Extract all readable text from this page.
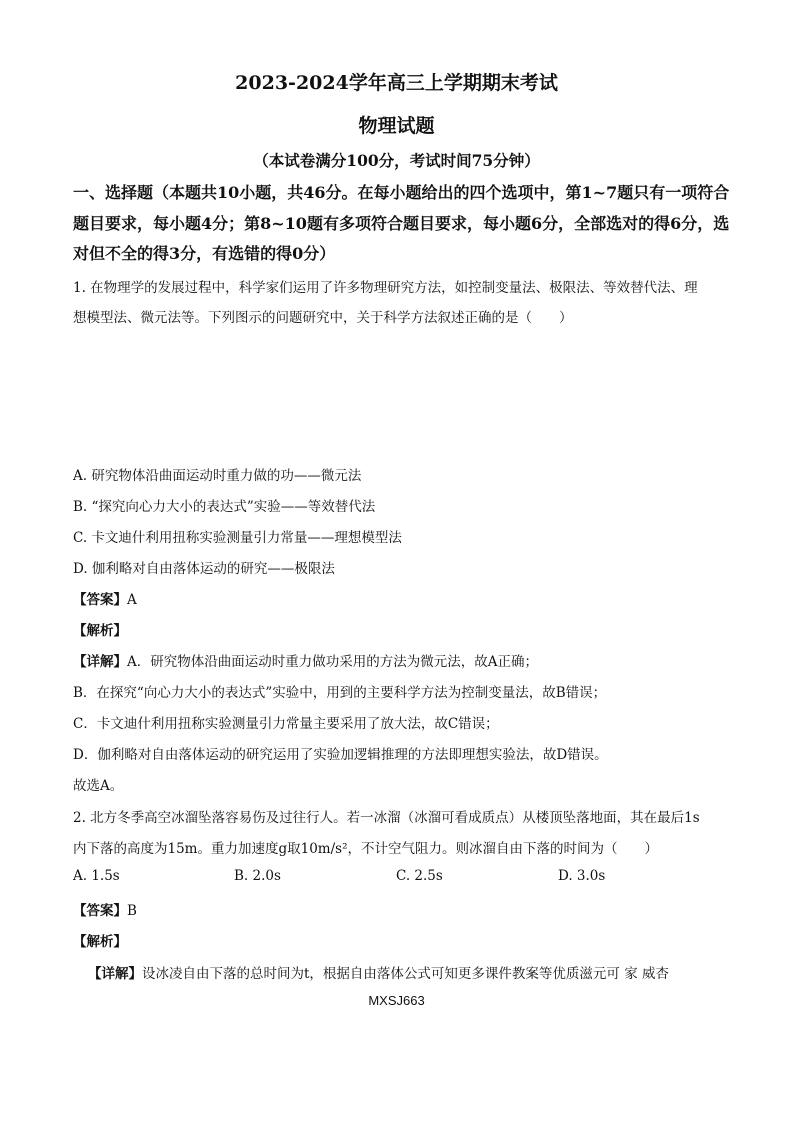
2023-2024学年高三上学期期末考试
物理试题
（本试卷满分100分，考试时间75分钟）
一、选择题（本题共10小题，共46分。在每小题给出的四个选项中，第1~7题只有一项符合题目要求，每小题4分；第8~10题有多项符合题目要求，每小题6分，全部选对的得6分，选对但不全的得3分，有选错的得0分）
1. 在物理学的发展过程中，科学家们运用了许多物理研究方法，如控制变量法、极限法、等效替代法、理
想模型法、微元法等。下列图示的问题研究中，关于科学方法叙述正确的是（　　）
A. 研究物体沿曲面运动时重力做的功——微元法
B. “探究向心力大小的表达式”实验——等效替代法
C. 卡文迪什利用扭称实验测量引力常量——理想模型法
D. 伽利略对自由落体运动的研究——极限法
【答案】A
【解析】
【详解】A．研究物体沿曲面运动时重力做功采用的方法为微元法，故A正确；
B．在探究“向心力大小的表达式”实验中，用到的主要科学方法为控制变量法，故B错误；
C．卡文迪什利用扭称实验测量引力常量主要采用了放大法，故C错误；
D．伽利略对自由落体运动的研究运用了实验加逻辑推理的方法即理想实验法，故D错误。
故选A。
2. 北方冬季高空冰溜坠落容易伤及过往行人。若一冰溜（冰溜可看成质点）从楼顶坠落地面，其在最后1s
内下落的高度为15m。重力加速度g取10m/s²，不计空气阻力。则冰溜自由下落的时间为（　　）
A. 1.5s	B. 2.0s	C. 2.5s	D. 3.0s
【答案】B
【解析】
【详解】设冰凌自由下落的总时间为t，根据自由落体公式可知更多课件教案等优质滋元可 家 威杏
MXSJ663
